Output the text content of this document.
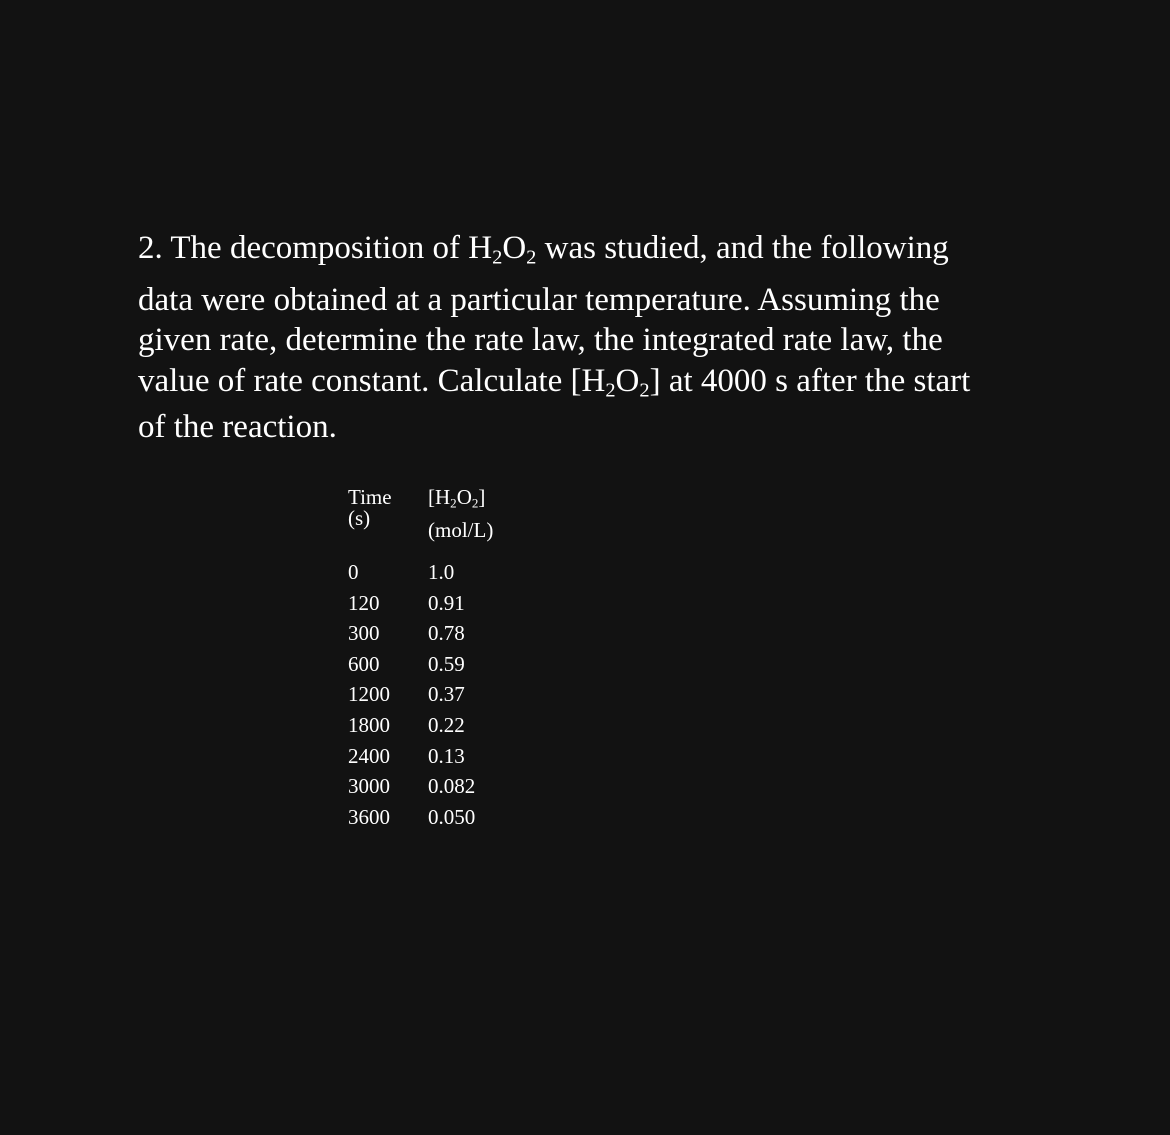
2. The decomposition of $H_2O_2$ was studied, and the following
data were obtained at a particular temperature. Assuming the
given rate, determine the rate law, the integrated rate law, the
value of rate constant. Calculate $[H_2O_2]$ at 4000 s after the start
of the reaction.
Time (s)
$[H_2O_2]$
(mol/L)
0	1.0
120 0.91
300 0.78
600 0.59
1200 0.37
1800 0.22
2400 0.13
3000 0.082
3600 0.050
